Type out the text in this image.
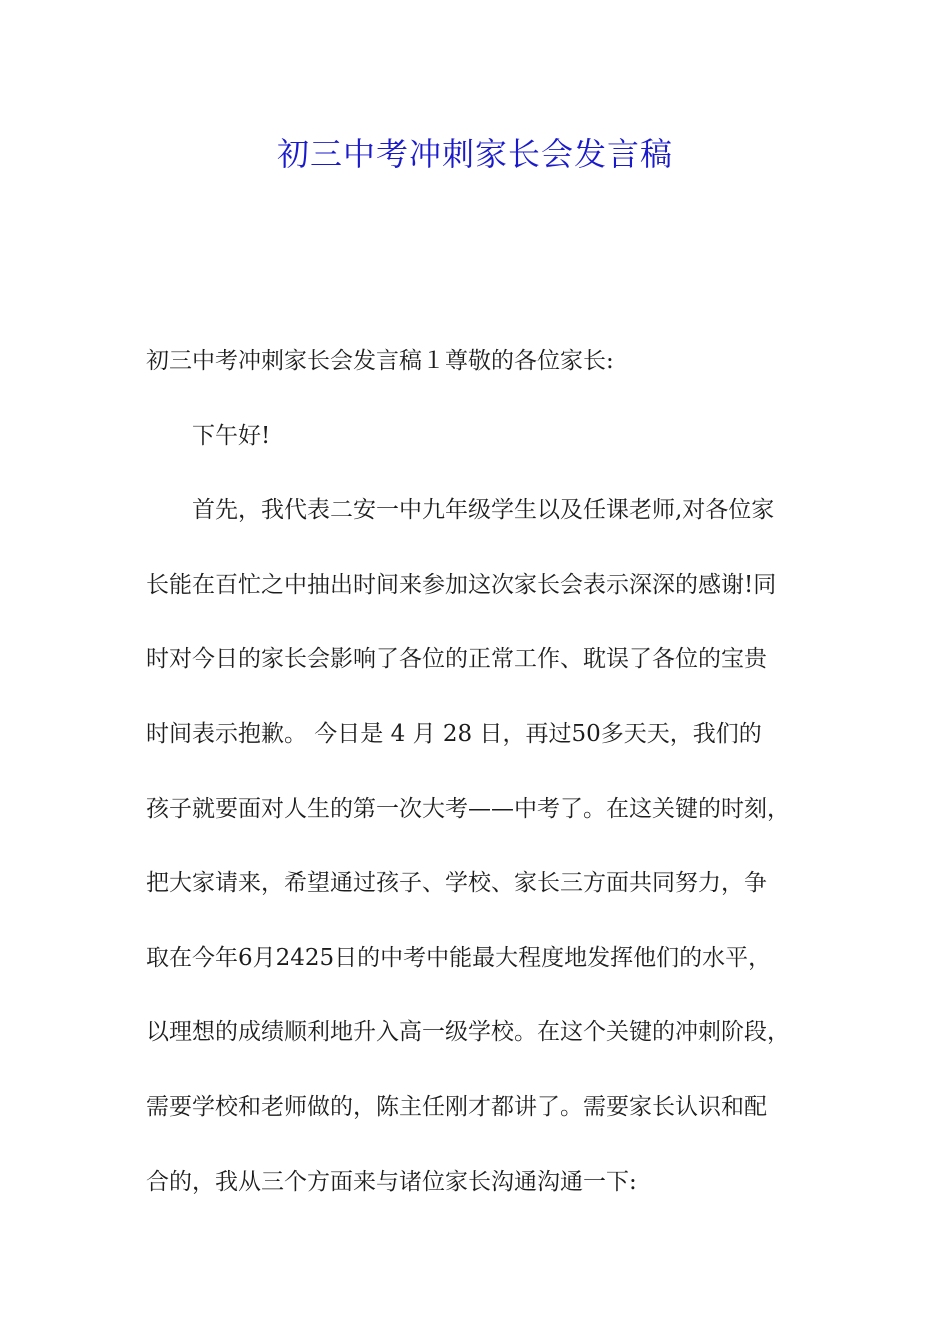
初三中考冲刺家长会发言稿
初三中考冲刺家长会发言稿１尊敬的各位家长:
下午好!
首先，我代表二安一中九年级学生以及任课老师,对各位家
长能在百忙之中抽出时间来参加这次家长会表示深深的感谢!同
时对今日的家长会影响了各位的正常工作、耽误了各位的宝贵
时间表示抱歉。 今日是 4 月 28 日，再过50多天天，我们的
孩子就要面对人生的第一次大考——中考了。在这关键的时刻，
把大家请来，希望通过孩子、学校、家长三方面共同努力，争
取在今年6月2425日的中考中能最大程度地发挥他们的水平，
以理想的成绩顺利地升入高一级学校。在这个关键的冲刺阶段，
需要学校和老师做的，陈主任刚才都讲了。需要家长认识和配
合的，我从三个方面来与诸位家长沟通沟通一下:
